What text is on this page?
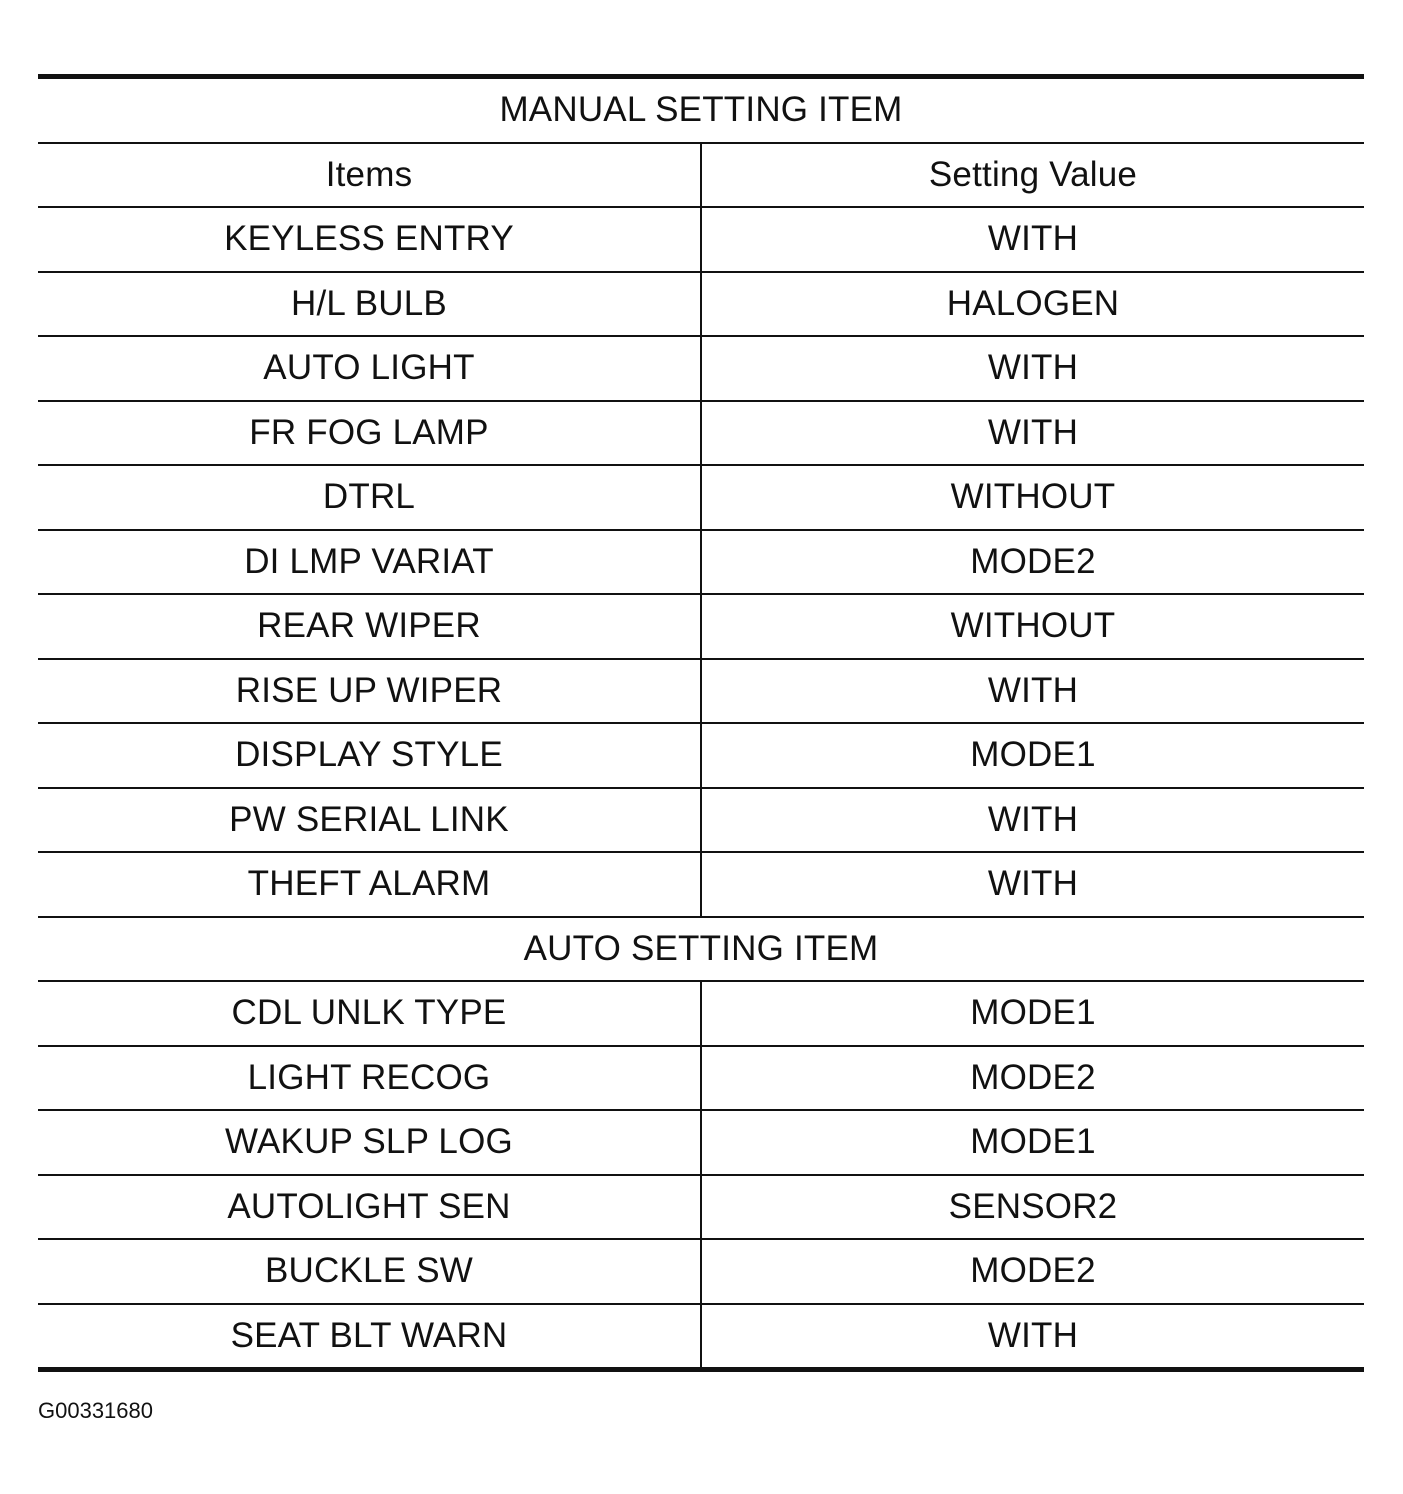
MANUAL SETTING ITEM	
Items	Setting Value
KEYLESS ENTRY	WITH
H/L BULB	HALOGEN
AUTO LIGHT	WITH
FR FOG LAMP	WITH
DTRL	WITHOUT
DI LMP VARIAT	MODE2
REAR WIPER	WITHOUT
RISE UP WIPER	WITH
DISPLAY STYLE	MODE1
PW SERIAL LINK	WITH
THEFT ALARM	WITH
AUTO SETTING ITEM	
CDL UNLK TYPE	MODE1
LIGHT RECOG	MODE2
WAKUP SLP LOG	MODE1
AUTOLIGHT SEN	SENSOR2
BUCKLE SW	MODE2
SEAT BLT WARN	WITH
G00331680
